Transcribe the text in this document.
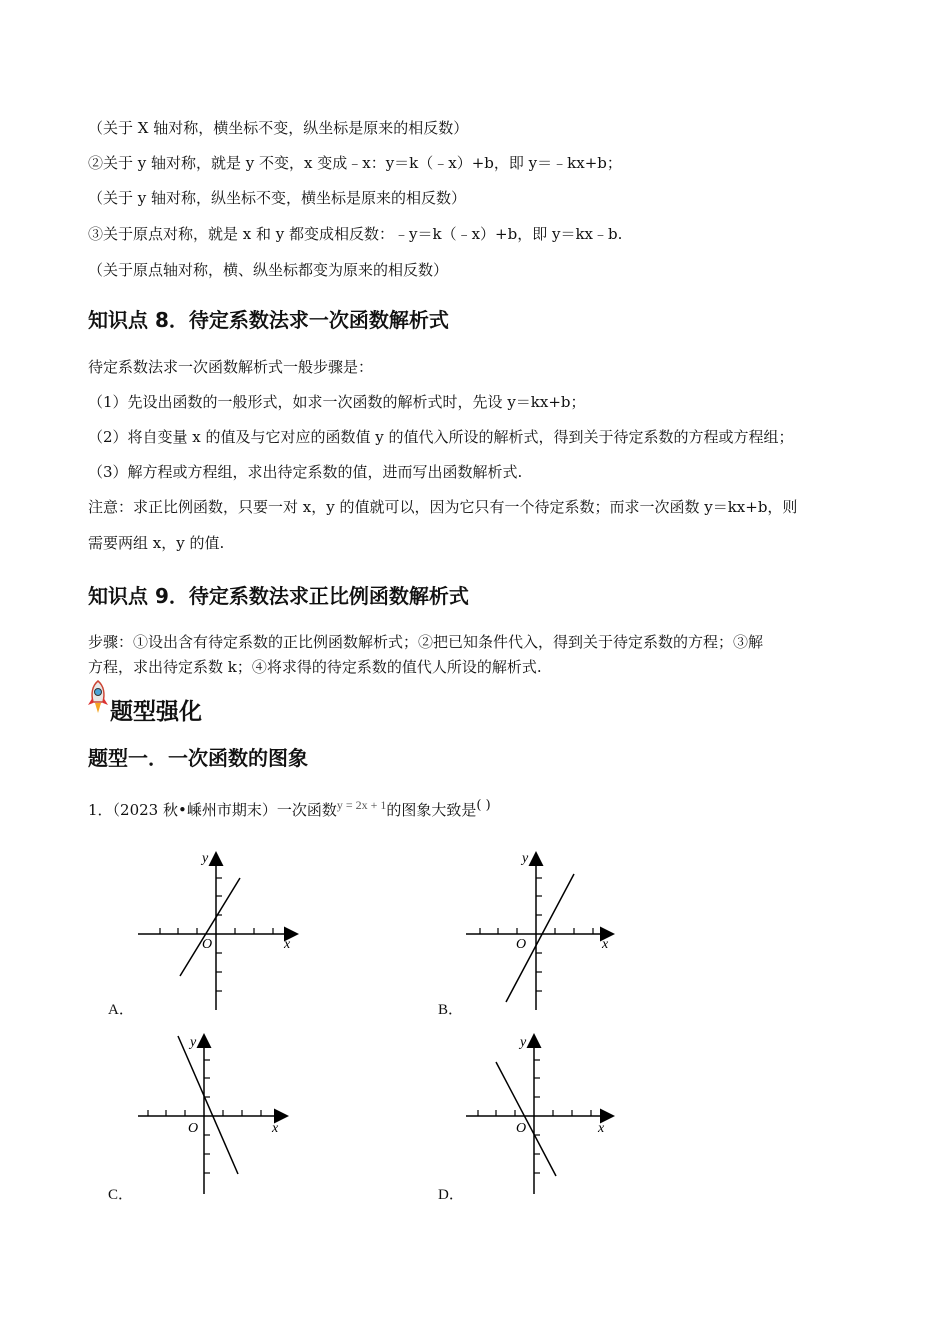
（关于 X 轴对称，横坐标不变，纵坐标是原来的相反数）
②关于 y 轴对称，就是 y 不变，x 变成﹣x：y＝k（﹣x）+b，即 y＝﹣kx+b；
（关于 y 轴对称，纵坐标不变，横坐标是原来的相反数）
③关于原点对称，就是 x 和 y 都变成相反数：﹣y＝k（﹣x）+b，即 y＝kx﹣b.
（关于原点轴对称，横、纵坐标都变为原来的相反数）
知识点 8．待定系数法求一次函数解析式
待定系数法求一次函数解析式一般步骤是：
（1）先设出函数的一般形式，如求一次函数的解析式时，先设 y＝kx+b；
（2）将自变量 x 的值及与它对应的函数值 y 的值代入所设的解析式，得到关于待定系数的方程或方程组；
（3）解方程或方程组，求出待定系数的值，进而写出函数解析式.
注意：求正比例函数，只要一对 x，y 的值就可以，因为它只有一个待定系数；而求一次函数 y＝kx+b，则
需要两组 x，y 的值.
知识点 9．待定系数法求正比例函数解析式
步骤：①设出含有待定系数的正比例函数解析式；②把已知条件代入，得到关于待定系数的方程；③解
方程，求出待定系数 k；④将求得的待定系数的值代人所设的解析式.
题型强化
题型一．一次函数的图象
1．（2023 秋•嵊州市期末）一次函数$^{y = 2x + 1}$的图象大致是( )
y
x
O
A．
y
x
O
B．
y
x
O
C．
y
x
O
D．
